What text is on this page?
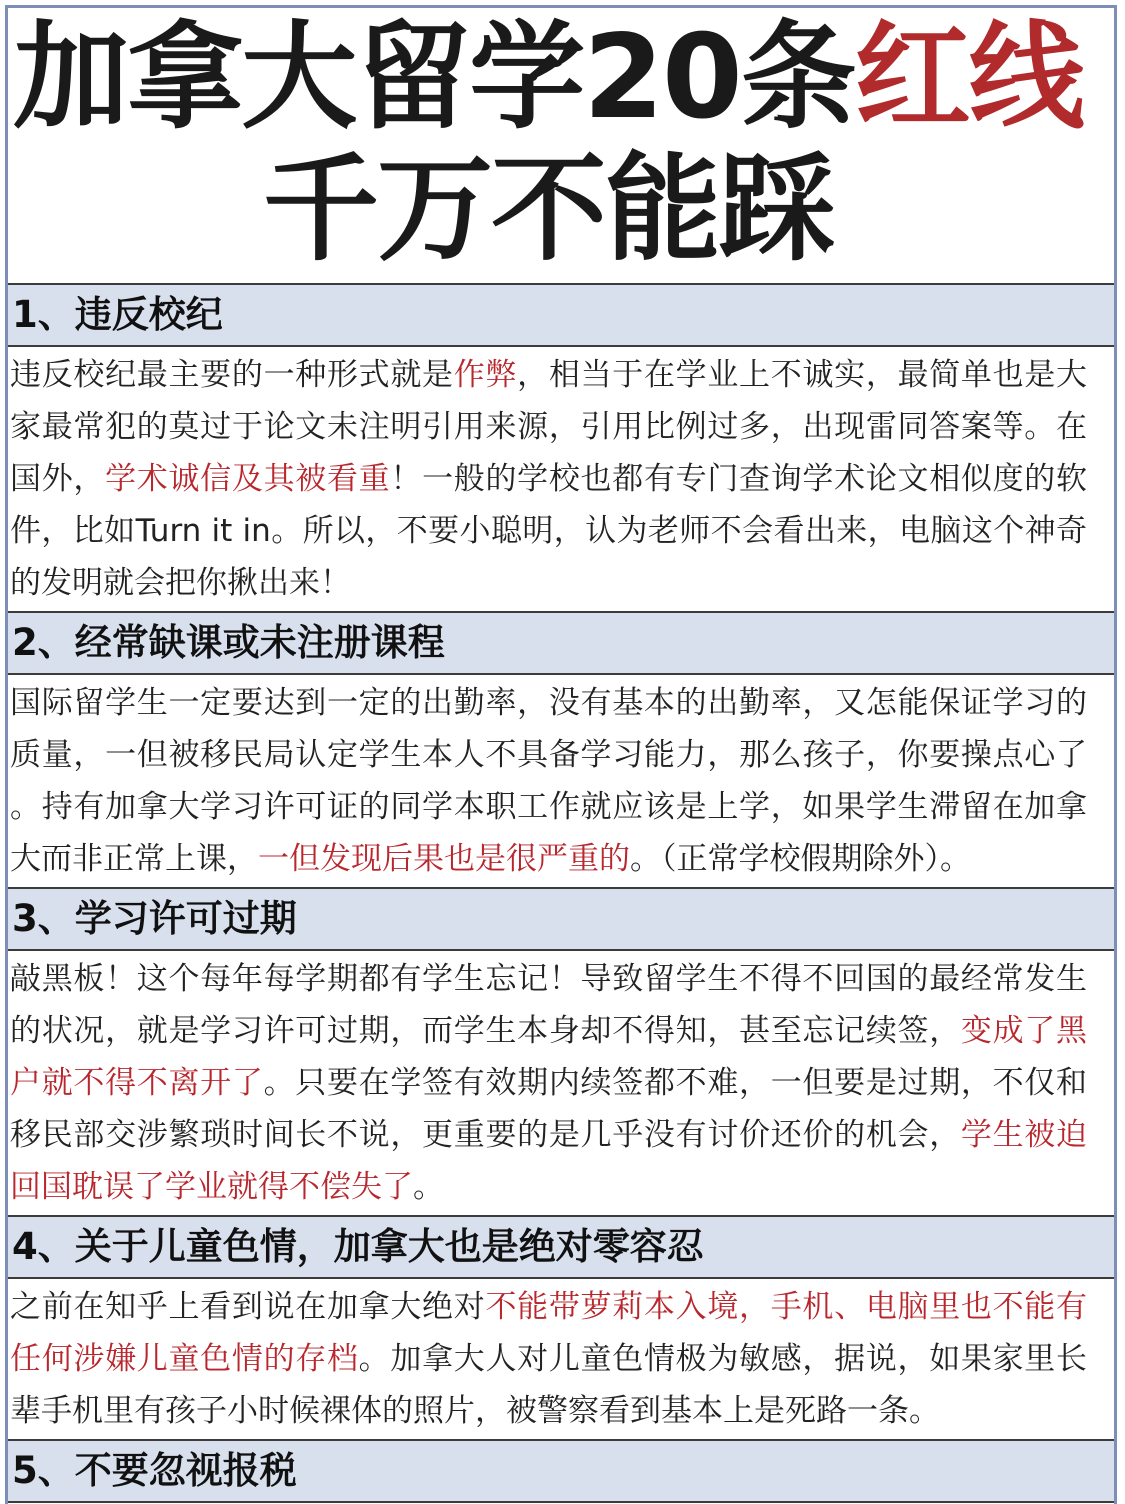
加拿大留学20条红线
千万不能踩
1、违反校纪
违反校纪最主要的一种形式就是作弊，相当于在学业上不诚实，最简单也是大
家最常犯的莫过于论文未注明引用来源，引用比例过多，出现雷同答案等。在
国外，学术诚信及其被看重！一般的学校也都有专门查询学术论文相似度的软
件，比如Turn it in。所以，不要小聪明，认为老师不会看出来，电脑这个神奇
的发明就会把你揪出来！
2、经常缺课或未注册课程
国际留学生一定要达到一定的出勤率，没有基本的出勤率，又怎能保证学习的
质量，一但被移民局认定学生本人不具备学习能力，那么孩子，你要操点心了
。持有加拿大学习许可证的同学本职工作就应该是上学，如果学生滞留在加拿
大而非正常上课，一但发现后果也是很严重的。（正常学校假期除外）。
3、学习许可过期
敲黑板！这个每年每学期都有学生忘记！导致留学生不得不回国的最经常发生
的状况，就是学习许可过期，而学生本身却不得知，甚至忘记续签，变成了黑
户就不得不离开了。只要在学签有效期内续签都不难，一但要是过期，不仅和
移民部交涉繁琐时间长不说，更重要的是几乎没有讨价还价的机会，学生被迫
回国耽误了学业就得不偿失了。
4、关于儿童色情，加拿大也是绝对零容忍
之前在知乎上看到说在加拿大绝对不能带萝莉本入境，手机、电脑里也不能有
任何涉嫌儿童色情的存档。加拿大人对儿童色情极为敏感，据说，如果家里长
辈手机里有孩子小时候裸体的照片，被警察看到基本上是死路一条。
5、不要忽视报税
